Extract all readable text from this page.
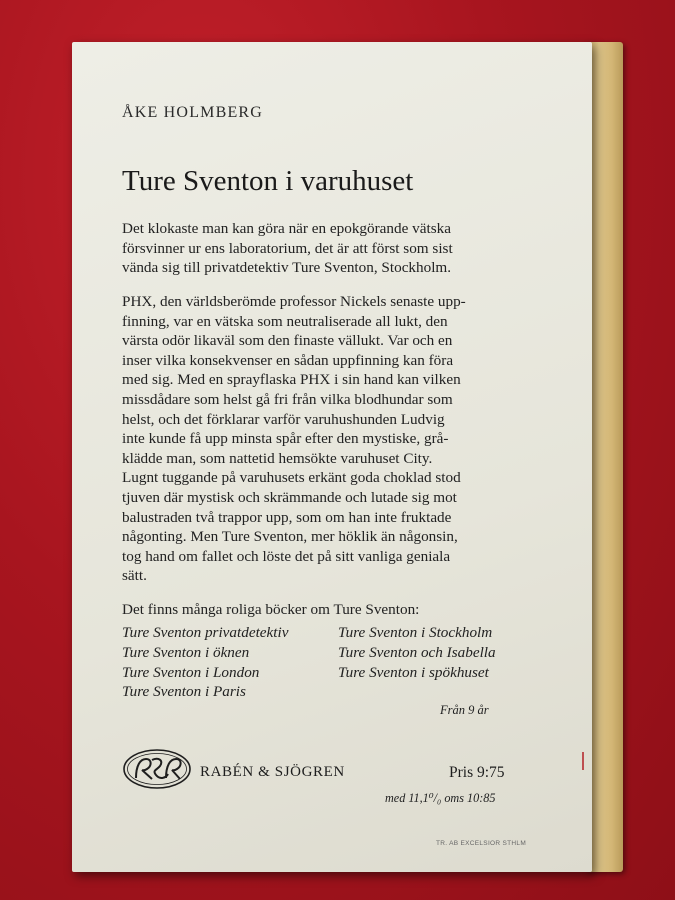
ÅKE HOLMBERG
Ture Sventon i varuhuset
Det klokaste man kan göra när en epokgörande vätska
försvinner ur ens laboratorium, det är att först som sist
vända sig till privatdetektiv Ture Sventon, Stockholm.
PHX, den världsberömde professor Nickels senaste upp-
finning, var en vätska som neutraliserade all lukt, den
värsta odör likaväl som den finaste vällukt. Var och en
inser vilka konsekvenser en sådan uppfinning kan föra
med sig. Med en sprayflaska PHX i sin hand kan vilken
missdådare som helst gå fri från vilka blodhundar som
helst, och det förklarar varför varuhushunden Ludvig
inte kunde få upp minsta spår efter den mystiske, grå-
klädde man, som nattetid hemsökte varuhuset City.
Lugnt tuggande på varuhusets erkänt goda choklad stod
tjuven där mystisk och skrämmande och lutade sig mot
balustraden två trappor upp, som om han inte fruktade
någonting. Men Ture Sventon, mer höklik än någonsin,
tog hand om fallet och löste det på sitt vanliga geniala
sätt.
Det finns många roliga böcker om Ture Sventon:
Ture Sventon privatdetektiv
Ture Sventon i öknen
Ture Sventon i London
Ture Sventon i Paris
Ture Sventon i Stockholm
Ture Sventon och Isabella
Ture Sventon i spökhuset
Från 9 år
RABÉN & SJÖGREN	Pris 9:75
med 11,1⁰/₀ oms 10:85
TR. AB EXCELSIOR STHLM
